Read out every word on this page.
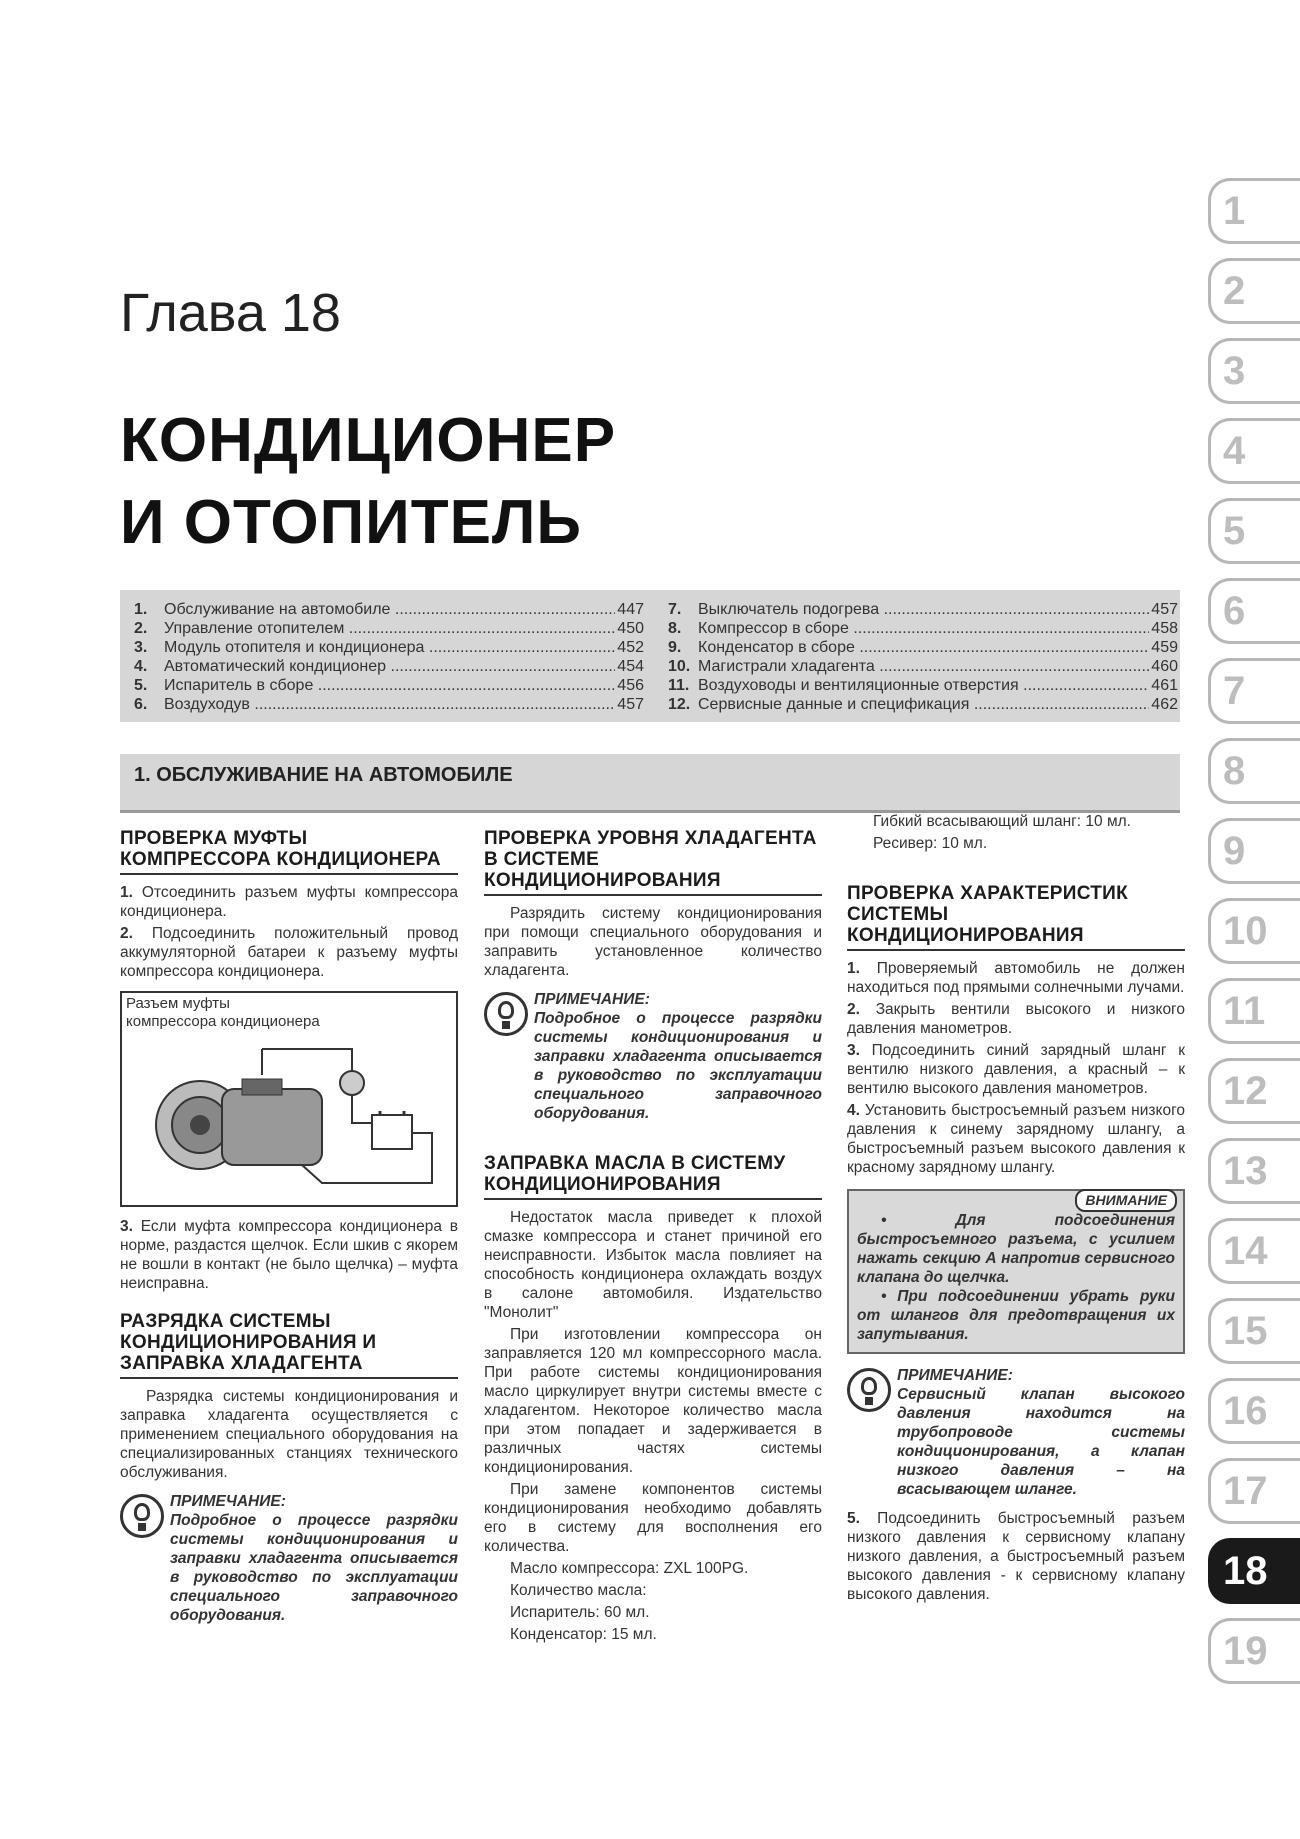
1
2
3
4
5
6
7
8
9
10
11
12
13
14
15
16
17
18
19
Глава 18
КОНДИЦИОНЕР
И ОТОПИТЕЛЬ
1.	Обслуживание на автомобиле .....	447
2.	Управление отопителем .....	450
3.	Модуль отопителя и кондиционера .....	452
4.	Автоматический кондиционер .....	454
5.	Испаритель в сборе .....	456
6.	Воздуходув .....	457
7.	Выключатель подогрева .....	457
8.	Компрессор в сборе .....	458
9.	Конденсатор в сборе .....	459
10. Магистрали хладагента .....	460
11. Воздуховоды и вентиляционные отверстия .....	461
12. Сервисные данные и спецификация .....	462
1. ОБСЛУЖИВАНИЕ НА АВТОМОБИЛЕ
ПРОВЕРКА МУФТЫ КОМПРЕССОРА КОНДИЦИОНЕРА

1. Отсоединить разъем муфты компрессора кондиционера.

2. Подсоединить положительный провод аккумуляторной батареи к разъему муфты компрессора кондиционера.

Разъем муфты
компрессора кондиционера

3. Если муфта компрессора кондиционера в норме, раздастся щелчок. Если шкив с якорем не вошли в контакт (не было щелчка) – муфта неисправна.

РАЗРЯДКА СИСТЕМЫ КОНДИЦИОНИРОВАНИЯ И ЗАПРАВКА ХЛАДАГЕНТА

Разрядка системы кондиционирования и заправка хладагента осуществляется с применением специального оборудования на специализированных станциях технического обслуживания.

ПРИМЕЧАНИЕ:
Подробное о процессе разрядки системы кондиционирования и заправки хладагента описывается в руководство по эксплуатации специального заправочного оборудования.
ПРОВЕРКА УРОВНЯ ХЛАДАГЕНТА В СИСТЕМЕ КОНДИЦИОНИРОВАНИЯ

Разрядить систему кондиционирования при помощи специального оборудования и заправить установленное количество хладагента.

ПРИМЕЧАНИЕ:
Подробное о процессе разрядки системы кондиционирования и заправки хладагента описывается в руководство по эксплуатации специального заправочного оборудования.
ЗАПРАВКА МАСЛА В СИСТЕМУ КОНДИЦИОНИРОВАНИЯ

Недостаток масла приведет к плохой смазке компрессора и станет причиной его неисправности. Избыток масла повлияет на способность кондиционера охлаждать воздух в салоне автомобиля. Издательство "Монолит"

При изготовлении компрессора он заправляется 120 мл компрессорного масла. При работе системы кондиционирования масло циркулирует внутри системы вместе с хладагентом. Некоторое количество масла при этом попадает и задерживается в различных частях системы кондиционирования.

При замене компонентов системы кондиционирования необходимо добавлять его в систему для восполнения его количества.

Масло компрессора: ZXL 100PG.

Количество масла:

Испаритель: 60 мл.

Конденсатор: 15 мл.

Гибкий всасывающий шланг: 10 мл.

Ресивер: 10 мл.

ПРОВЕРКА ХАРАКТЕРИСТИК СИСТЕМЫ КОНДИЦИОНИРОВАНИЯ

1. Проверяемый автомобиль не должен находиться под прямыми солнечными лучами.

2. Закрыть вентили высокого и низкого давления манометров.

3. Подсоединить синий зарядный шланг к вентилю низкого давления, а красный – к вентилю высокого давления манометров.

4. Установить быстросъемный разъем низкого давления к синему зарядному шлангу, а быстросъемный разъем высокого давления к красному зарядному шлангу.

ВНИМАНИЕ

• Для подсоединения быстросъемного разъема, с усилием нажать секцию А напротив сервисного клапана до щелчка.

• При подсоединении убрать руки от шлангов для предотвращения их запутывания.

ПРИМЕЧАНИЕ:
Сервисный клапан высокого давления находится на трубопроводе системы кондиционирования, а клапан низкого давления – на всасывающем шланге.

5. Подсоединить быстросъемный разъем низкого давления к сервисному клапану низкого давления, а быстросъемный разъем высокого давления - к сервисному клапану высокого давления.
